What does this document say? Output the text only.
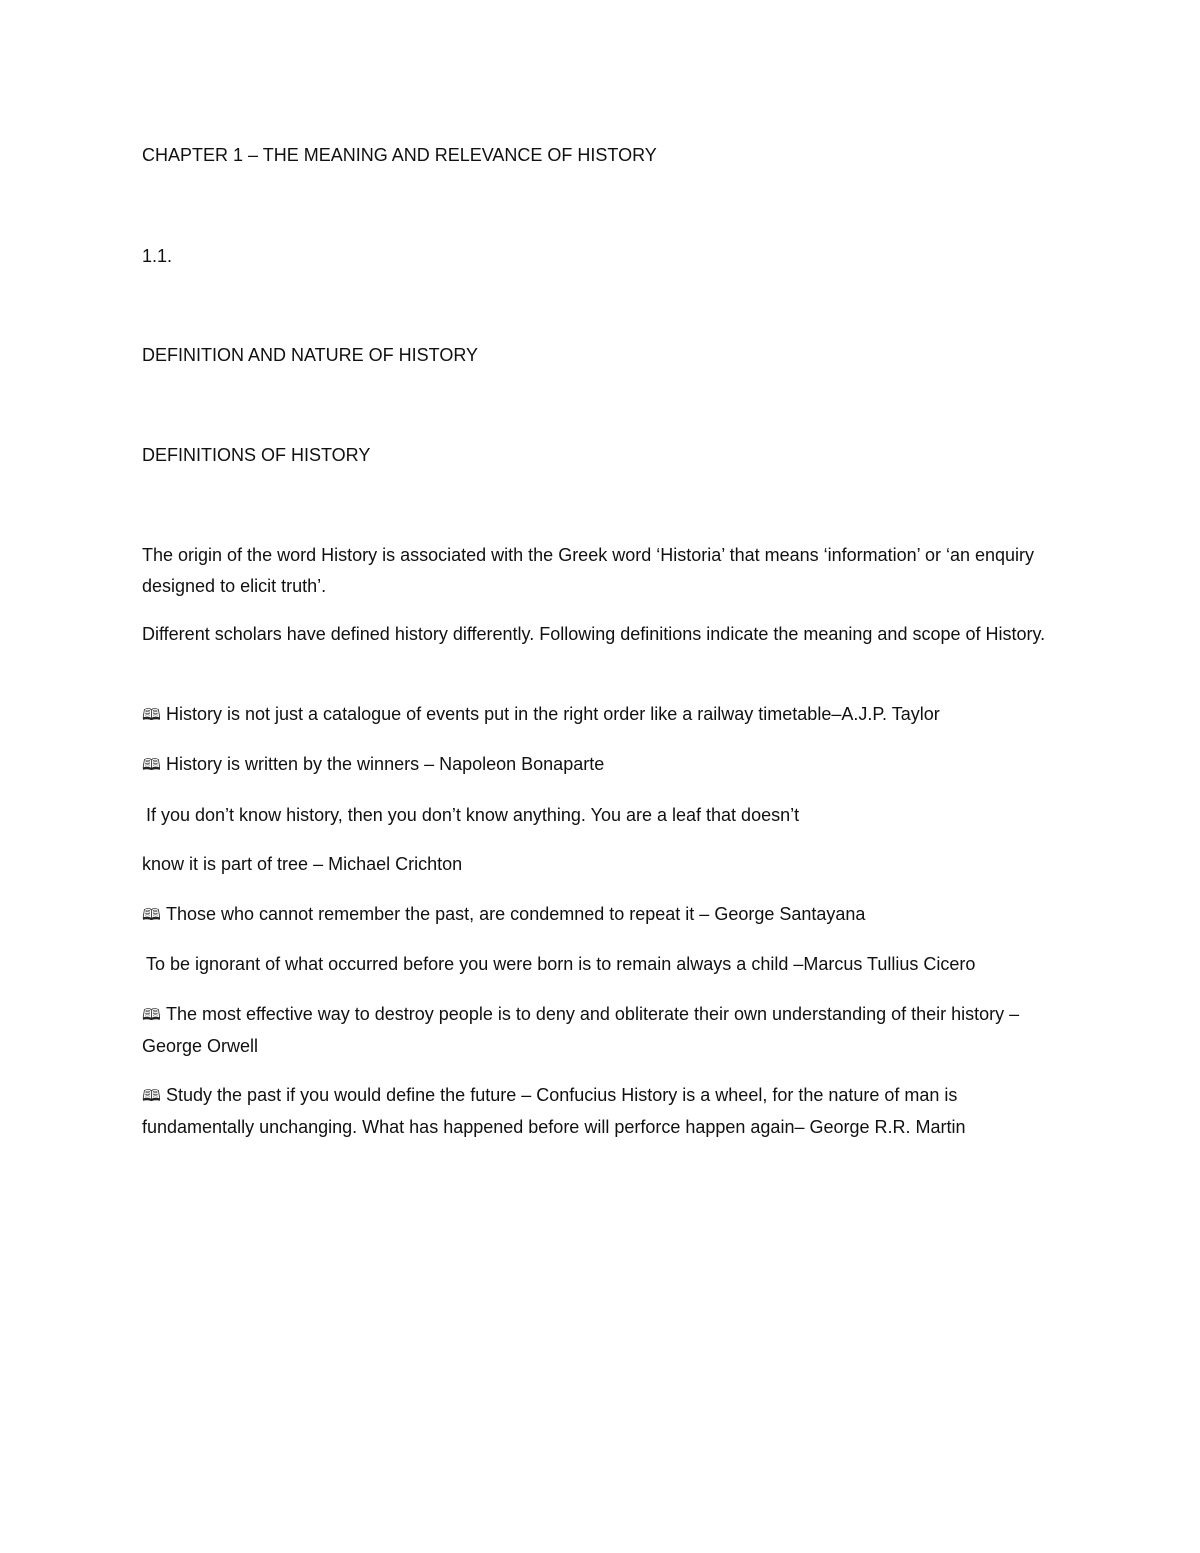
CHAPTER 1 – THE MEANING AND RELEVANCE OF HISTORY
1.1.
DEFINITION AND NATURE OF HISTORY
DEFINITIONS OF HISTORY
The origin of the word History is associated with the Greek word ‘Historia’ that means ‘information’ or ‘an enquiry designed to elicit truth’.
Different scholars have defined history differently. Following definitions indicate the meaning and scope of History.
🕮 History is not just a catalogue of events put in the right order like a railway timetable–A.J.P. Taylor
🕮 History is written by the winners – Napoleon Bonaparte
If you don’t know history, then you don’t know anything. You are a leaf that doesn’t
know it is part of tree – Michael Crichton
🕮 Those who cannot remember the past, are condemned to repeat it – George Santayana
To be ignorant of what occurred before you were born is to remain always a child –Marcus Tullius Cicero
🕮 The most effective way to destroy people is to deny and obliterate their own understanding of their history – George Orwell
🕮 Study the past if you would define the future – Confucius History is a wheel, for the nature of man is fundamentally unchanging. What has happened before will perforce happen again– George R.R. Martin
